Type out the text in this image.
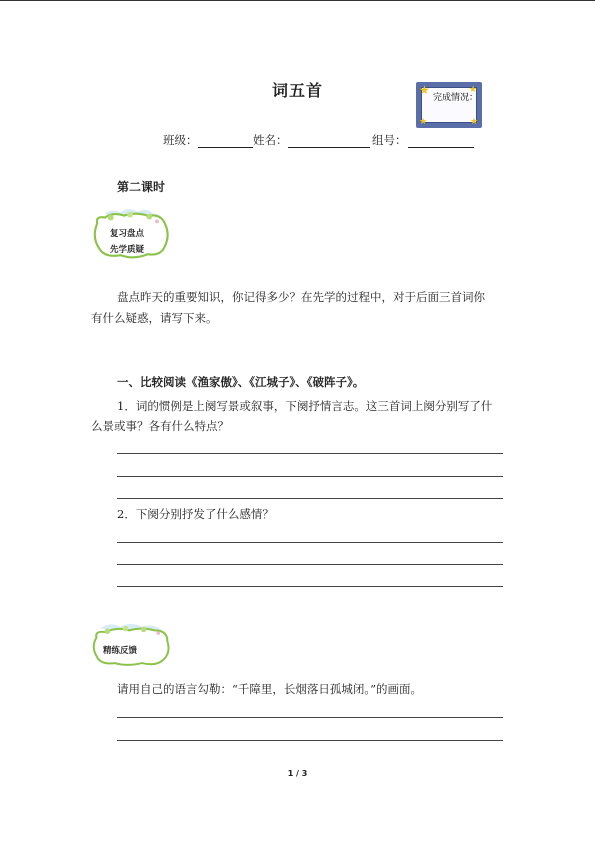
词五首	★	★
★	★
完成情况：
班级：	姓名：	组号：
第二课时
复习盘点
先学质疑
盘点昨天的重要知识，你记得多少？在先学的过程中，对于后面三首词你
有什么疑惑，请写下来。
一、比较阅读《渔家傲》、《江城子》、《破阵子》。
1．词的惯例是上阕写景或叙事，下阕抒情言志。这三首词上阕分别写了什
么景或事？各有什么特点？
2．下阕分别抒发了什么感情？
精练反馈
请用自己的语言勾勒：“千障里，长烟落日孤城闭。”的画面。
1 / 3
